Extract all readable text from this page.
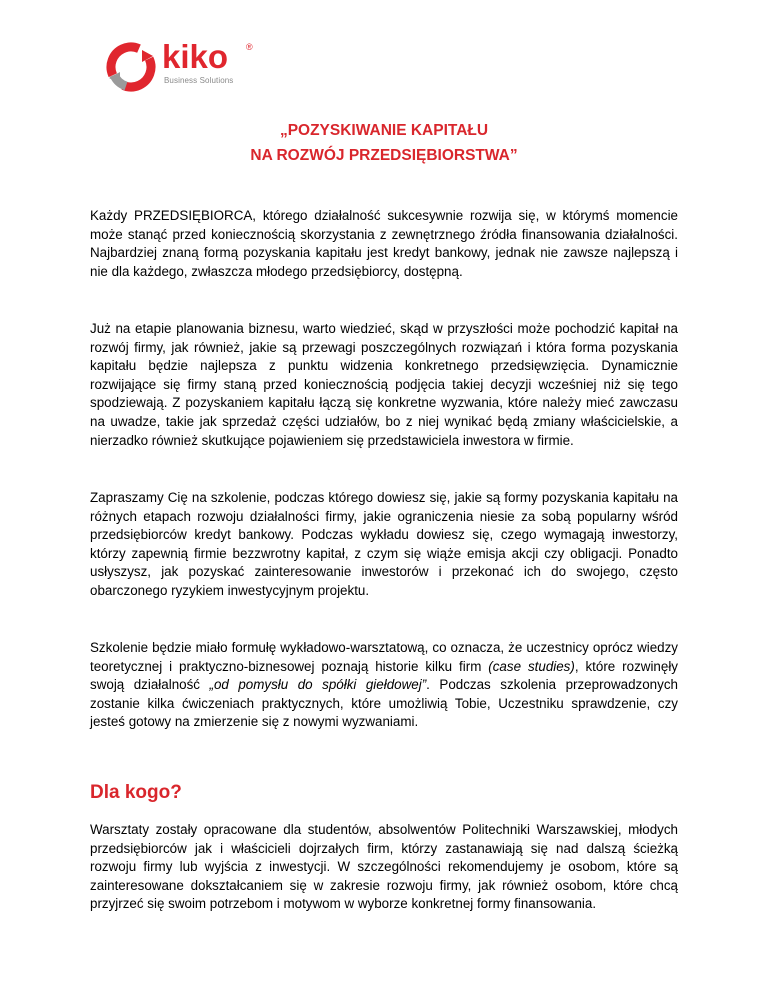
kiko ®
Business Solutions
„POZYSKIWANIE KAPITAŁU
NA ROZWÓJ PRZEDSIĘBIORSTWA”

Każdy PRZEDSIĘBIORCA, którego działalność sukcesywnie rozwija się, w którymś momencie może stanąć przed koniecznością skorzystania z zewnętrznego źródła finansowania działalności. Najbardziej znaną formą pozyskania kapitału jest kredyt bankowy, jednak nie zawsze najlepszą i nie dla każdego, zwłaszcza młodego przedsiębiorcy, dostępną.

Już na etapie planowania biznesu, warto wiedzieć, skąd w przyszłości może pochodzić kapitał na rozwój firmy, jak również, jakie są przewagi poszczególnych rozwiązań i która forma pozyskania kapitału będzie najlepsza z punktu widzenia konkretnego przedsięwzięcia. Dynamicznie rozwijające się firmy staną przed koniecznością podjęcia takiej decyzji wcześniej niż się tego spodziewają. Z pozyskaniem kapitału łączą się konkretne wyzwania, które należy mieć zawczasu na uwadze, takie jak sprzedaż części udziałów, bo z niej wynikać będą zmiany właścicielskie, a nierzadko również skutkujące pojawieniem się przedstawiciela inwestora w firmie.

Zapraszamy Cię na szkolenie, podczas którego dowiesz się, jakie są formy pozyskania kapitału na różnych etapach rozwoju działalności firmy, jakie ograniczenia niesie za sobą popularny wśród przedsiębiorców kredyt bankowy. Podczas wykładu dowiesz się, czego wymagają inwestorzy, którzy zapewnią firmie bezzwrotny kapitał, z czym się wiąże emisja akcji czy obligacji. Ponadto usłyszysz, jak pozyskać zainteresowanie inwestorów i przekonać ich do swojego, często obarczonego ryzykiem inwestycyjnym projektu.

Szkolenie będzie miało formułę wykładowo-warsztatową, co oznacza, że uczestnicy oprócz wiedzy teoretycznej i praktyczno-biznesowej poznają historie kilku firm (case studies), które rozwinęły swoją działalność „od pomysłu do spółki giełdowej”. Podczas szkolenia przeprowadzonych zostanie kilka ćwiczeniach praktycznych, które umożliwią Tobie, Uczestniku sprawdzenie, czy jesteś gotowy na zmierzenie się z nowymi wyzwaniami.

Dla kogo?

Warsztaty zostały opracowane dla studentów, absolwentów Politechniki Warszawskiej, młodych przedsiębiorców jak i właścicieli dojrzałych firm, którzy zastanawiają się nad dalszą ścieżką rozwoju firmy lub wyjścia z inwestycji. W szczególności rekomendujemy je osobom, które są zainteresowane dokształcaniem się w zakresie rozwoju firmy, jak również osobom, które chcą przyjrzeć się swoim potrzebom i motywom w wyborze konkretnej formy finansowania.
